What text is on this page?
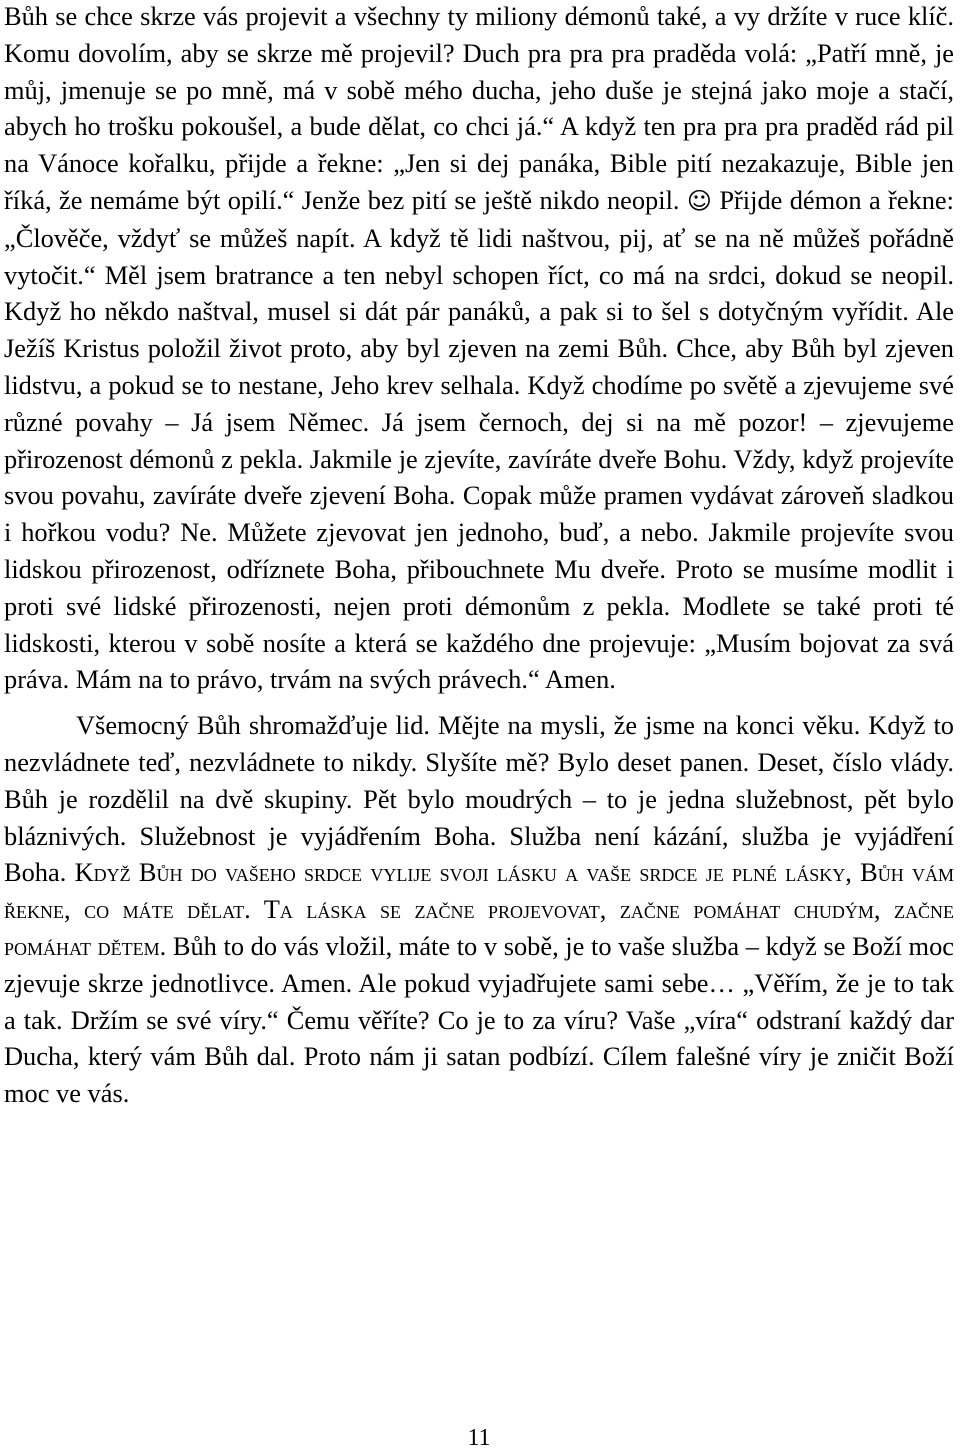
Bůh se chce skrze vás projevit a všechny ty miliony démonů také, a vy držíte v ruce klíč. Komu dovolím, aby se skrze mě projevil? Duch pra pra pra praděda volá: „Patří mně, je můj, jmenuje se po mně, má v sobě mého ducha, jeho duše je stejná jako moje a stačí, abych ho trošku pokoušel, a bude dělat, co chci já.“ A když ten pra pra pra praděd rád pil na Vánoce kořalku, přijde a řekne: „Jen si dej panáka, Bible pití nezakazuje, Bible jen říká, že nemáme být opilí.“ Jenže bez pití se ještě nikdo neopil. ☺ Přijde démon a řekne: „Člověče, vždyť se můžeš napít. A když tě lidi naštvou, pij, ať se na ně můžeš pořádně vytočit.“ Měl jsem bratrance a ten nebyl schopen říct, co má na srdci, dokud se neopil. Když ho někdo naštval, musel si dát pár panáků, a pak si to šel s dotyčným vyřídit. Ale Ježíš Kristus položil život proto, aby byl zjeven na zemi Bůh. Chce, aby Bůh byl zjeven lidstvu, a pokud se to nestane, Jeho krev selhala. Když chodíme po světě a zjevujeme své různé povahy – Já jsem Němec. Já jsem černoch, dej si na mě pozor! – zjevujeme přirozenost démonů z pekla. Jakmile je zjevíte, zavíráte dveře Bohu. Vždy, když projevíte svou povahu, zavíráte dveře zjevení Boha. Copak může pramen vydávat zároveň sladkou i hořkou vodu? Ne. Můžete zjevovat jen jednoho, buď, a nebo. Jakmile projevíte svou lidskou přirozenost, odříznete Boha, přibouchnete Mu dveře. Proto se musíme modlit i proti své lidské přirozenosti, nejen proti démonům z pekla. Modlete se také proti té lidskosti, kterou v sobě nosíte a která se každého dne projevuje: „Musím bojovat za svá práva. Mám na to právo, trvám na svých právech.“ Amen.

Všemocný Bůh shromažďuje lid. Mějte na mysli, že jsme na konci věku. Když to nezvládnete teď, nezvládnete to nikdy. Slyšíte mě? Bylo deset panen. Deset, číslo vlády. Bůh je rozdělil na dvě skupiny. Pět bylo moudrých – to je jedna služebnost, pět bylo bláznivých. Služebnost je vyjádřením Boha. Služba není kázání, služba je vyjádření Boha. Když Bůh do vašeho srdce vylije svoji lásku a vaše srdce je plné lásky, Bůh vám řekne, co máte dělat. Ta láska se začne projevovat, začne pomáhat chudým, začne pomáhat dětem. Bůh to do vás vložil, máte to v sobě, je to vaše služba – když se Boží moc zjevuje skrze jednotlivce. Amen. Ale pokud vyjadřujete sami sebe… „Věřím, že je to tak a tak. Držím se své víry.“ Čemu věříte? Co je to za víru? Vaše „víra“ odstraní každý dar Ducha, který vám Bůh dal. Proto nám ji satan podbízí. Cílem falešné víry je zničit Boží moc ve vás.

11
